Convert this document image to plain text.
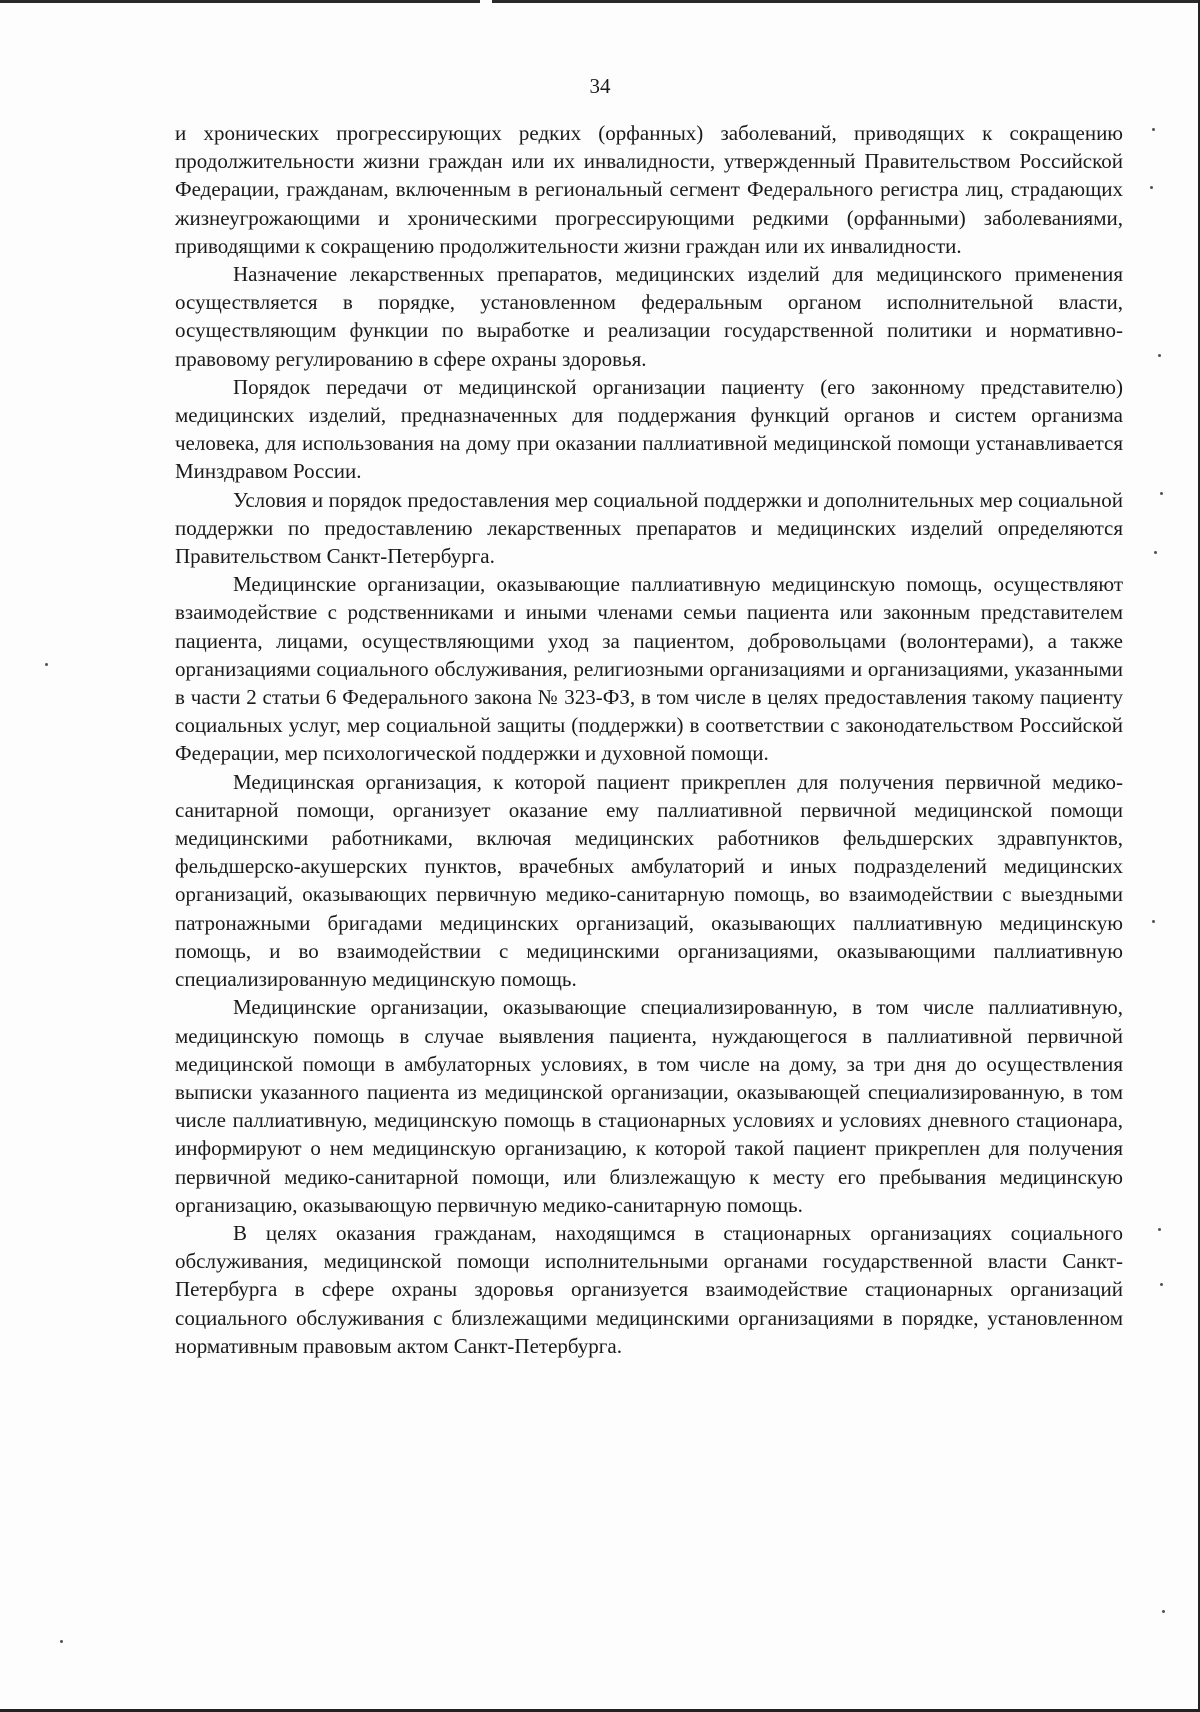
34

и хронических прогрессирующих редких (орфанных) заболеваний, приводящих к сокращению продолжительности жизни граждан или их инвалидности, утвержденный Правительством Российской Федерации, гражданам, включенным в региональный сегмент Федерального регистра лиц, страдающих жизнеугрожающими и хроническими прогрессирующими редкими (орфанными) заболеваниями, приводящими к сокращению продолжительности жизни граждан или их инвалидности.

Назначение лекарственных препаратов, медицинских изделий для медицинского применения осуществляется в порядке, установленном федеральным органом исполнительной власти, осуществляющим функции по выработке и реализации государственной политики и нормативно-правовому регулированию в сфере охраны здоровья.

Порядок передачи от медицинской организации пациенту (его законному представителю) медицинских изделий, предназначенных для поддержания функций органов и систем организма человека, для использования на дому при оказании паллиативной медицинской помощи устанавливается Минздравом России.

Условия и порядок предоставления мер социальной поддержки и дополнительных мер социальной поддержки по предоставлению лекарственных препаратов и медицинских изделий определяются Правительством Санкт-Петербурга.

Медицинские организации, оказывающие паллиативную медицинскую помощь, осуществляют взаимодействие с родственниками и иными членами семьи пациента или законным представителем пациента, лицами, осуществляющими уход за пациентом, добровольцами (волонтерами), а также организациями социального обслуживания, религиозными организациями и организациями, указанными в части 2 статьи 6 Федерального закона № 323-ФЗ, в том числе в целях предоставления такому пациенту социальных услуг, мер социальной защиты (поддержки) в соответствии с законодательством Российской Федерации, мер психологической поддержки и духовной помощи.

Медицинская организация, к которой пациент прикреплен для получения первичной медико-санитарной помощи, организует оказание ему паллиативной первичной медицинской помощи медицинскими работниками, включая медицинских работников фельдшерских здравпунктов, фельдшерско-акушерских пунктов, врачебных амбулаторий и иных подразделений медицинских организаций, оказывающих первичную медико-санитарную помощь, во взаимодействии с выездными патронажными бригадами медицинских организаций, оказывающих паллиативную медицинскую помощь, и во взаимодействии с медицинскими организациями, оказывающими паллиативную специализированную медицинскую помощь.

Медицинские организации, оказывающие специализированную, в том числе паллиативную, медицинскую помощь в случае выявления пациента, нуждающегося в паллиативной первичной медицинской помощи в амбулаторных условиях, в том числе на дому, за три дня до осуществления выписки указанного пациента из медицинской организации, оказывающей специализированную, в том числе паллиативную, медицинскую помощь в стационарных условиях и условиях дневного стационара, информируют о нем медицинскую организацию, к которой такой пациент прикреплен для получения первичной медико-санитарной помощи, или близлежащую к месту его пребывания медицинскую организацию, оказывающую первичную медико-санитарную помощь.

В целях оказания гражданам, находящимся в стационарных организациях социального обслуживания, медицинской помощи исполнительными органами государственной власти Санкт-Петербурга в сфере охраны здоровья организуется взаимодействие стационарных организаций социального обслуживания с близлежащими медицинскими организациями в порядке, установленном нормативным правовым актом Санкт-Петербурга.
